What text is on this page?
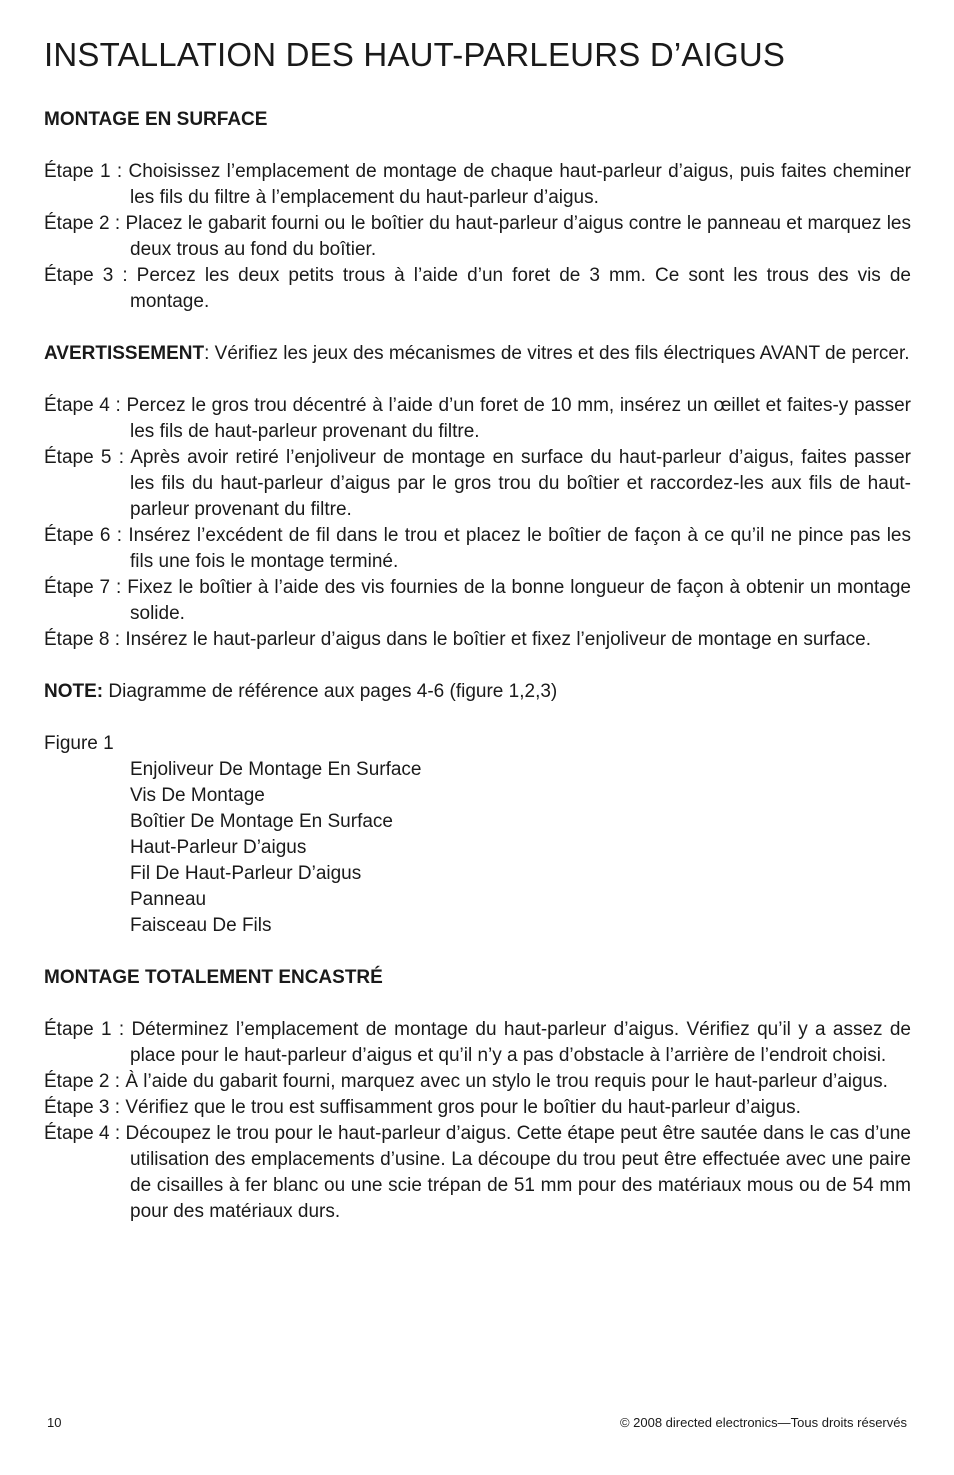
INSTALLATION DES HAUT-PARLEURS D’AIGUS

MONTAGE EN SURFACE

Étape 1 : Choisissez l’emplacement de montage de chaque haut-parleur d’aigus, puis faites cheminer les fils du filtre à l’emplacement du haut-parleur d’aigus.

Étape 2 : Placez le gabarit fourni ou le boîtier du haut-parleur d’aigus contre le panneau et marquez les deux trous au fond du boîtier.

Étape 3 : Percez les deux petits trous à l’aide d’un foret de 3 mm. Ce sont les trous des vis de montage.

AVERTISSEMENT: Vérifiez les jeux des mécanismes de vitres et des fils électriques AVANT de percer.

Étape 4 : Percez le gros trou décentré à l’aide d’un foret de 10 mm, insérez un œillet et faites-y passer les fils de haut-parleur provenant du filtre.

Étape 5 : Après avoir retiré l’enjoliveur de montage en surface du haut-parleur d’aigus, faites passer les fils du haut-parleur d’aigus par le gros trou du boîtier et raccordez-les aux fils de haut-parleur provenant du filtre.

Étape 6 : Insérez l’excédent de fil dans le trou et placez le boîtier de façon à ce qu’il ne pince pas les fils une fois le montage terminé.

Étape 7 : Fixez le boîtier à l’aide des vis fournies de la bonne longueur de façon à obtenir un montage solide.

Étape 8 : Insérez le haut-parleur d’aigus dans le boîtier et fixez l’enjoliveur de montage en surface.

NOTE: Diagramme de référence aux pages 4-6 (figure 1,2,3)

Figure 1

Enjoliveur De Montage En Surface

Vis De Montage

Boîtier De Montage En Surface

Haut-Parleur D’aigus

Fil De Haut-Parleur D’aigus

Panneau

Faisceau De Fils

MONTAGE TOTALEMENT ENCASTRÉ

Étape 1 : Déterminez l’emplacement de montage du haut-parleur d’aigus. Vérifiez qu’il y a assez de place pour le haut-parleur d’aigus et qu’il n’y a pas d’obstacle à l’arrière de l’endroit choisi.

Étape 2 : À l’aide du gabarit fourni, marquez avec un stylo le trou requis pour le haut-parleur d’aigus.

Étape 3 : Vérifiez que le trou est suffisamment gros pour le boîtier du haut-parleur d’aigus.

Étape 4 : Découpez le trou pour le haut-parleur d’aigus. Cette étape peut être sautée dans le cas d’une utilisation des emplacements d’usine. La découpe du trou peut être effectuée avec une paire de cisailles à fer blanc ou une scie trépan de 51 mm pour des matériaux mous ou de 54 mm pour des matériaux durs.

10	© 2008 directed electronics—Tous droits réservés
